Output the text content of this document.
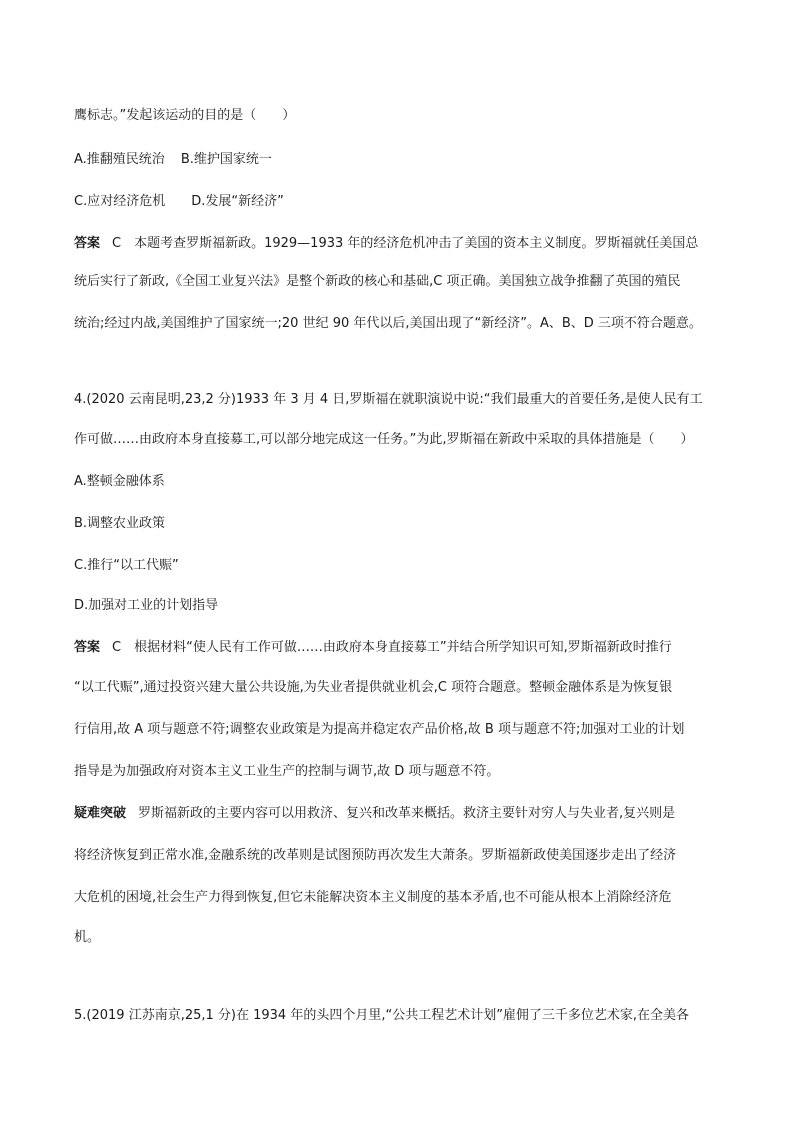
鹰标志。”发起该运动的目的是（　　）
A.推翻殖民统治 B.维护国家统一
C.应对经济危机 D.发展“新经济”
答案 C　本题考查罗斯福新政。1929—1933 年的经济危机冲击了美国的资本主义制度。罗斯福就任美国总
统后实行了新政,《全国工业复兴法》是整个新政的核心和基础,C 项正确。美国独立战争推翻了英国的殖民
统治;经过内战,美国维护了国家统一;20 世纪 90 年代以后,美国出现了“新经济”。A、B、D 三项不符合题意。
4.(2020 云南昆明,23,2 分)1933 年 3 月 4 日,罗斯福在就职演说中说:“我们最重大的首要任务,是使人民有工
作可做……由政府本身直接募工,可以部分地完成这一任务。”为此,罗斯福在新政中采取的具体措施是（　　）
A.整顿金融体系
B.调整农业政策
C.推行“以工代赈”
D.加强对工业的计划指导
答案 C　根据材料“使人民有工作可做……由政府本身直接募工”并结合所学知识可知,罗斯福新政时推行
“以工代赈”,通过投资兴建大量公共设施,为失业者提供就业机会,C 项符合题意。整顿金融体系是为恢复银
行信用,故 A 项与题意不符;调整农业政策是为提高并稳定农产品价格,故 B 项与题意不符;加强对工业的计划
指导是为加强政府对资本主义工业生产的控制与调节,故 D 项与题意不符。
疑难突破 罗斯福新政的主要内容可以用救济、复兴和改革来概括。救济主要针对穷人与失业者,复兴则是
将经济恢复到正常水准,金融系统的改革则是试图预防再次发生大萧条。罗斯福新政使美国逐步走出了经济
大危机的困境,社会生产力得到恢复,但它未能解决资本主义制度的基本矛盾,也不可能从根本上消除经济危
机。
5.(2019 江苏南京,25,1 分)在 1934 年的头四个月里,“公共工程艺术计划”雇佣了三千多位艺术家,在全美各
